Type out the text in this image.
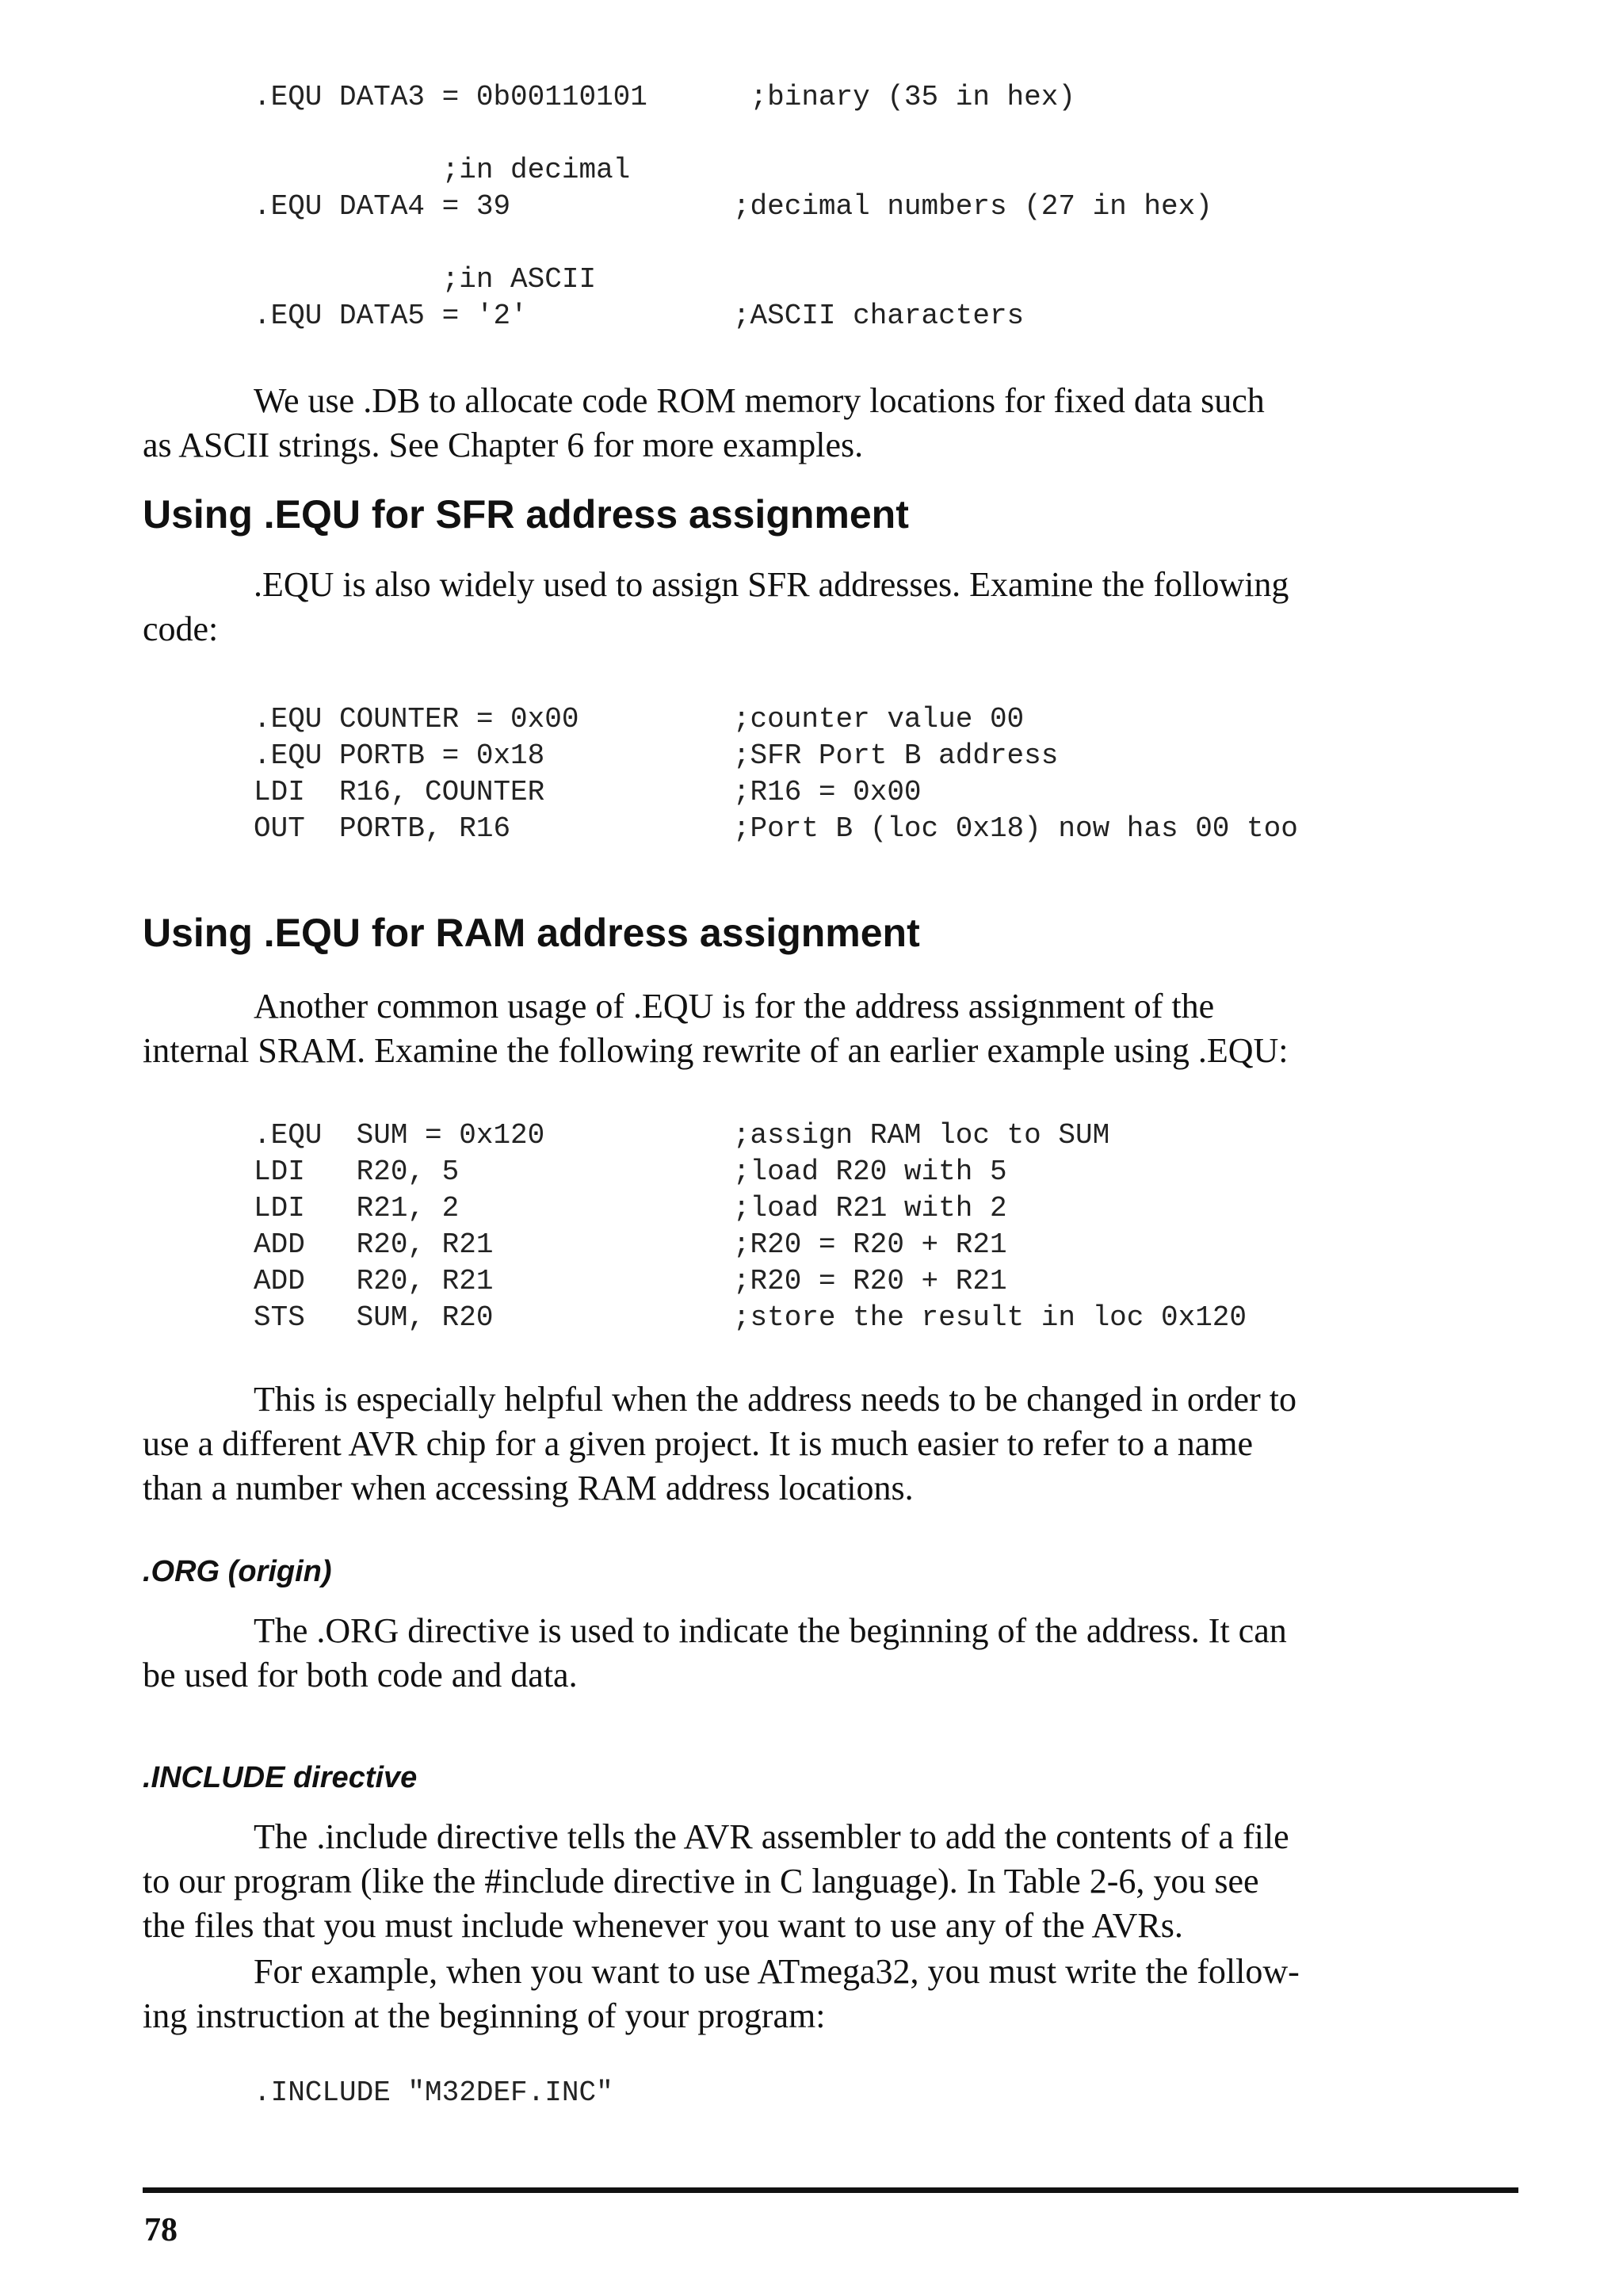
.EQU DATA3 = 0b00110101      ;binary (35 in hex)

;in decimal
.EQU DATA4 = 39             ;decimal numbers (27 in hex)

;in ASCII
.EQU DATA5 = '2'            ;ASCII characters

We use .DB to allocate code ROM memory locations for fixed data such
as ASCII strings. See Chapter 6 for more examples.

Using .EQU for SFR address assignment

.EQU is also widely used to assign SFR addresses. Examine the following
code:

.EQU COUNTER = 0x00         ;counter value 00
.EQU PORTB = 0x18           ;SFR Port B address
LDI  R16, COUNTER           ;R16 = 0x00
OUT  PORTB, R16             ;Port B (loc 0x18) now has 00 too
Using .EQU for RAM address assignment

Another common usage of .EQU is for the address assignment of the
internal SRAM. Examine the following rewrite of an earlier example using .EQU:

.EQU  SUM = 0x120           ;assign RAM loc to SUM
LDI   R20, 5                ;load R20 with 5
LDI   R21, 2                ;load R21 with 2
ADD   R20, R21              ;R20 = R20 + R21
ADD   R20, R21              ;R20 = R20 + R21
STS   SUM, R20              ;store the result in loc 0x120

This is especially helpful when the address needs to be changed in order to
use a different AVR chip for a given project. It is much easier to refer to a name
than a number when accessing RAM address locations.

.ORG (origin)

The .ORG directive is used to indicate the beginning of the address. It can
be used for both code and data.

.INCLUDE directive

The .include directive tells the AVR assembler to add the contents of a file
to our program (like the #include directive in C language). In Table 2-6, you see
the files that you must include whenever you want to use any of the AVRs.

For example, when you want to use ATmega32, you must write the follow-
ing instruction at the beginning of your program:

.INCLUDE "M32DEF.INC"
78
